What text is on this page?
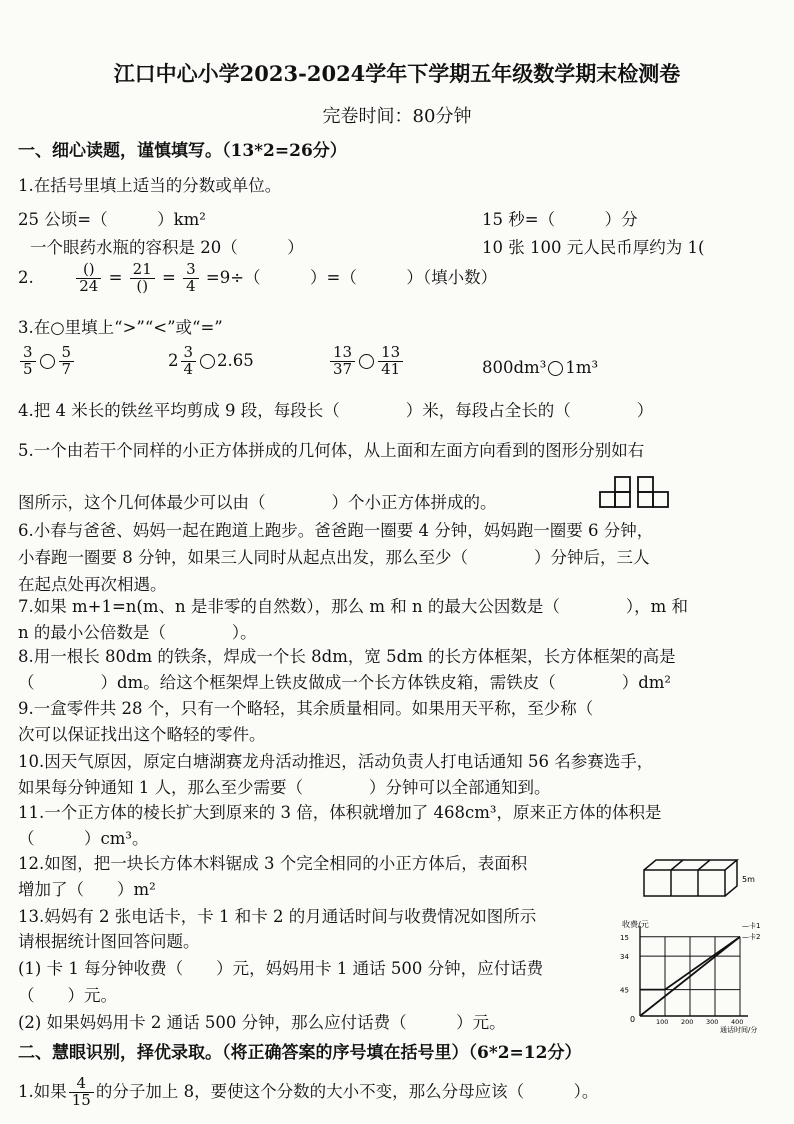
江口中心小学2023-2024学年下学期五年级数学期末检测卷
完卷时间：80分钟
一、细心读题，谨慎填写。（13*2=26分）
1.在括号里填上适当的分数或单位。
25 公顷=（　　　）km²	15 秒=（　　　）分
一个眼药水瓶的容积是 20（　　　）	10 张 100 元人民币厚约为 1(
2.	$\frac{()}{24} = \frac{21}{()} = \frac{3}{4} =9\div$（　　　）=（　　　）（填小数）
3.在○里填上“>”“<”或“=”
$\frac{3}{5} \frac{5}{7}$	$2 \frac{3}{4} 2.65$	$\frac{13}{37} \frac{13}{41}$	800dm³ 1m³
4.把 4 米长的铁丝平均剪成 9 段，每段长（　　　　）米，每段占全长的（　　　　）
5.一个由若干个同样的小正方体拼成的几何体，从上面和左面方向看到的图形分别如右
图所示，这个几何体最少可以由（　　　　）个小正方体拼成的。
6.小春与爸爸、妈妈一起在跑道上跑步。爸爸跑一圈要 4 分钟，妈妈跑一圈要 6 分钟，
小春跑一圈要 8 分钟，如果三人同时从起点出发，那么至少（　　　　）分钟后，三人
在起点处再次相遇。
7.如果 m+1=n(m、n 是非零的自然数），那么 m 和 n 的最大公因数是（　　　　），m 和
n 的最小公倍数是（　　　　）。
8.用一根长 80dm 的铁条，焊成一个长 8dm，宽 5dm 的长方体框架，长方体框架的高是
（　　　　）dm。给这个框架焊上铁皮做成一个长方体铁皮箱，需铁皮（　　　　）dm²
9.一盒零件共 28 个，只有一个略轻，其余质量相同。如果用天平称，至少称（
次可以保证找出这个略轻的零件。
10.因天气原因，原定白塘湖赛龙舟活动推迟，活动负责人打电话通知 56 名参赛选手，
如果每分钟通知 1 人，那么至少需要（　　　　）分钟可以全部通知到。
11.一个正方体的棱长扩大到原来的 3 倍，体积就增加了 468cm³，原来正方体的体积是
（　　　）cm³。
12.如图，把一块长方体木料锯成 3 个完全相同的小正方体后，表面积
增加了（　　）m²
13.妈妈有 2 张电话卡，卡 1 和卡 2 的月通话时间与收费情况如图所示
请根据统计图回答问题。
(1) 卡 1 每分钟收费（　　）元，妈妈用卡 1 通话 500 分钟，应付话费
（　　）元。
(2) 如果妈妈用卡 2 通话 500 分钟，那么应付话费（　　　）元。
5m
收费/元	—卡1
—卡2
0
通话时间/分
45
34
15
100 200 300 400
二、慧眼识别，择优录取。（将正确答案的序号填在括号里）（6*2=12分）
1.如果 $\frac{4}{15}$ 的分子加上 8，要使这个分数的大小不变，那么分母应该（　　　）。
